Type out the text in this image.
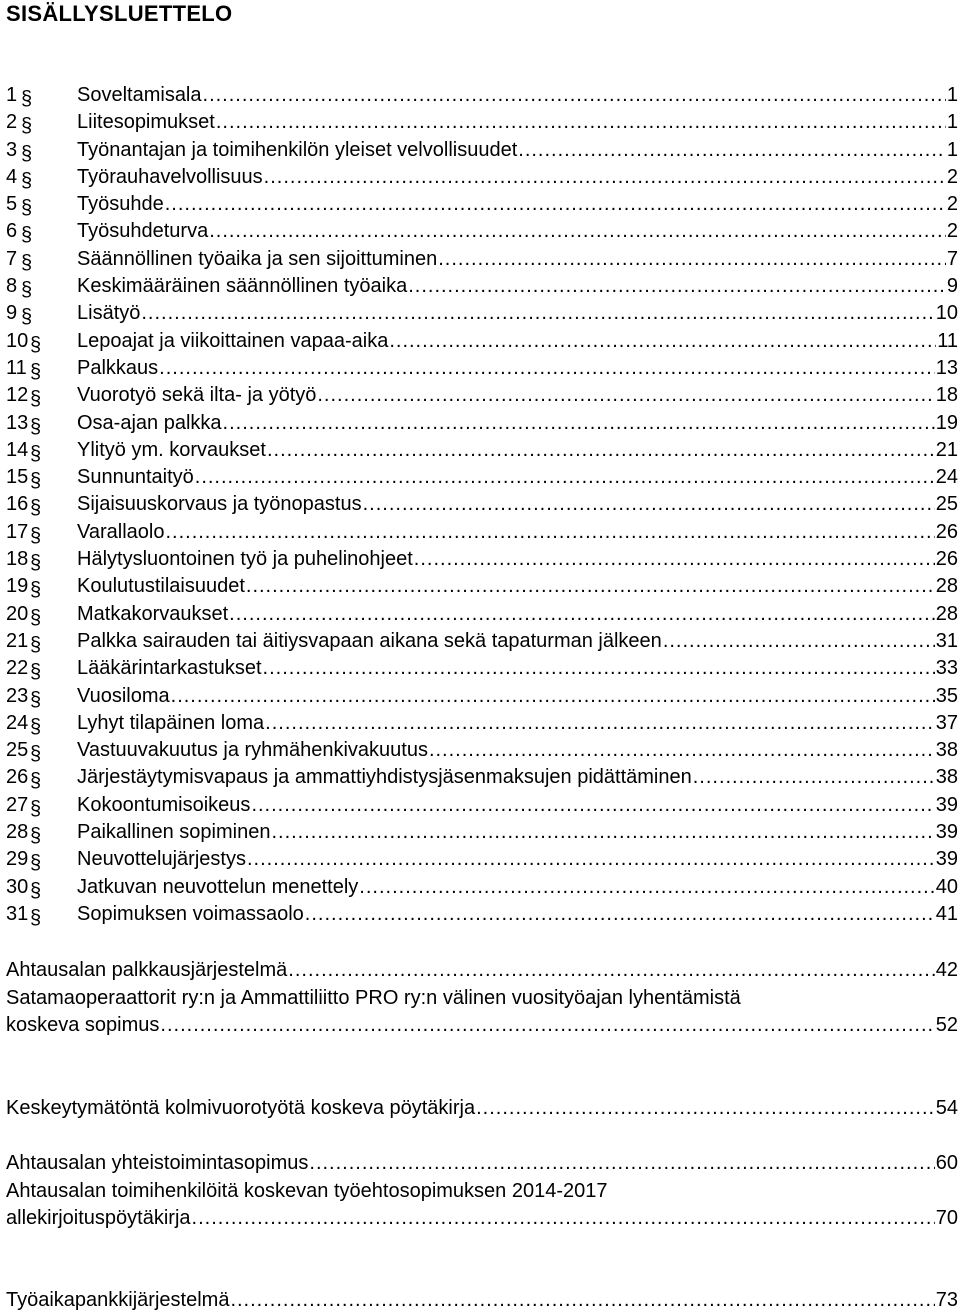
SISÄLLYSLUETTELO
1 § Soveltamisala .....	1
2 § Liitesopimukset .....	1
3 § Työnantajan ja toimihenkilön yleiset velvollisuudet .....	1
4 § Työrauhavelvollisuus .....	2
5 § Työsuhde .....	2
6 § Työsuhdeturva .....	2
7 § Säännöllinen työaika ja sen sijoittuminen .....	7
8 § Keskimääräinen säännöllinen työaika .....	9
9 § Lisätyö .....	10
10 § Lepoajat ja viikoittainen vapaa-aika .....	11
11 § Palkkaus .....	13
12 § Vuorotyö sekä ilta- ja yötyö .....	18
13 § Osa-ajan palkka .....	19
14 § Ylityö ym. korvaukset .....	21
15 § Sunnuntaityö .....	24
16 § Sijaisuuskorvaus ja työnopastus .....	25
17 § Varallaolo .....	26
18 § Hälytysluontoinen työ ja puhelinohjeet .....	26
19 § Koulutustilaisuudet .....	28
20 § Matkakorvaukset .....	28
21 § Palkka sairauden tai äitiysvapaan aikana sekä tapaturman jälkeen .....	31
22 § Lääkärintarkastukset .....	33
23 § Vuosiloma .....	35
24 § Lyhyt tilapäinen loma .....	37
25 § Vastuuvakuutus ja ryhmähenkivakuutus .....	38
26 § Järjestäytymisvapaus ja ammattiyhdistysjäsenmaksujen pidättäminen .....	38
27 § Kokoontumisoikeus .....	39
28 § Paikallinen sopiminen .....	39
29 § Neuvottelujärjestys .....	39
30 § Jatkuvan neuvottelun menettely .....	40
31 § Sopimuksen voimassaolo .....	41
Ahtausalan palkkausjärjestelmä .....	42
Satamaoperaattorit ry:n ja Ammattiliitto PRO ry:n välinen vuosityöajan lyhentämistä
koskeva sopimus .....	52
Keskeytymätöntä kolmivuorotyötä koskeva pöytäkirja .....	54
Ahtausalan yhteistoimintasopimus .....	60
Ahtausalan toimihenkilöitä koskevan työehtosopimuksen 2014-2017
allekirjoituspöytäkirja .....	70
Työaikapankkijärjestelmä .....	73
